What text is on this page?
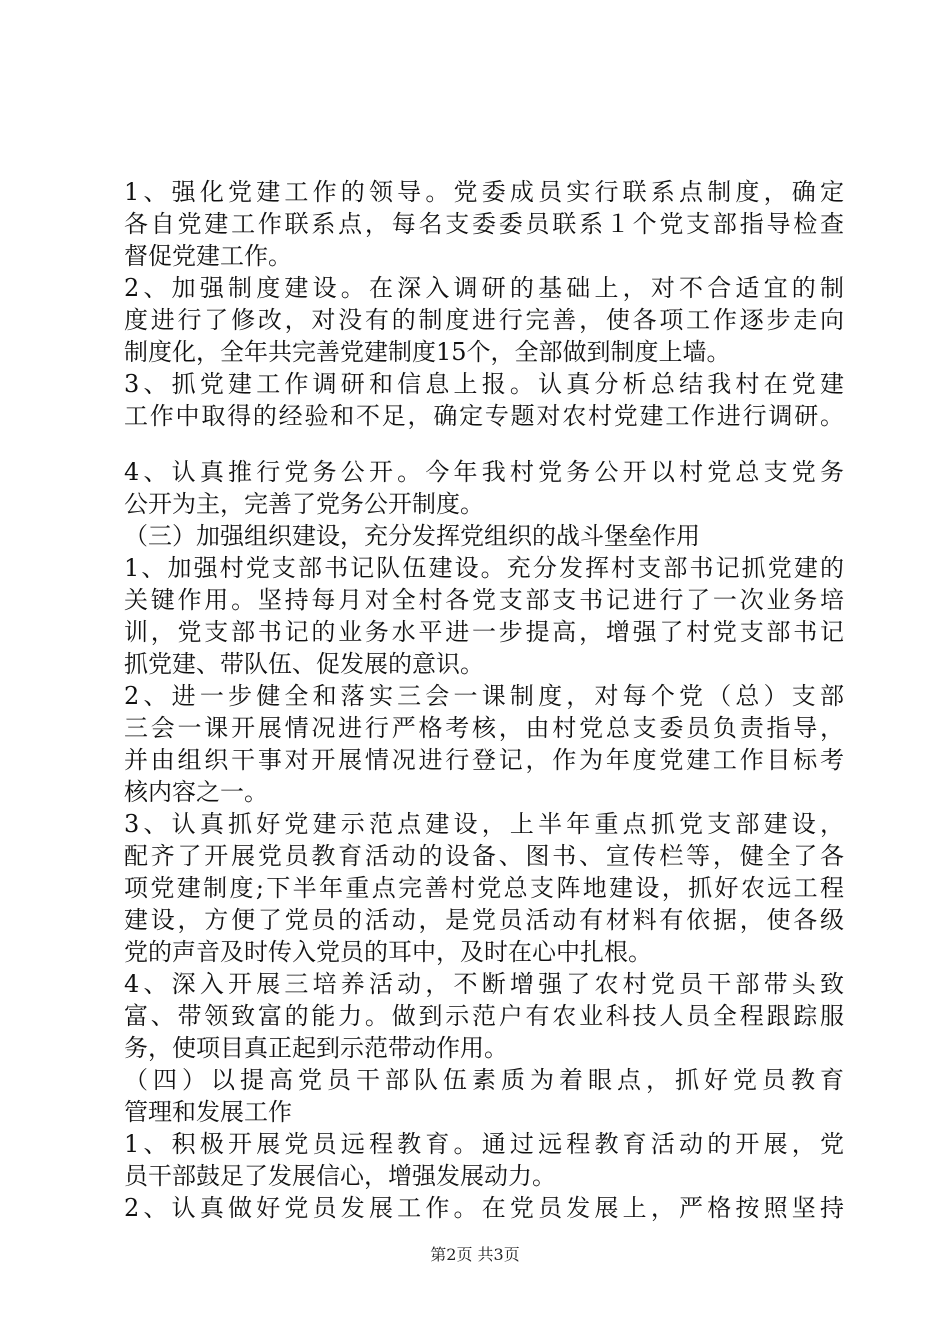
1、强化党建工作的领导。党委成员实行联系点制度，确定
各自党建工作联系点，每名支委委员联系１个党支部指导检查
督促党建工作。
2、加强制度建设。在深入调研的基础上，对不合适宜的制
度进行了修改，对没有的制度进行完善，使各项工作逐步走向
制度化，全年共完善党建制度15个，全部做到制度上墙。
3、抓党建工作调研和信息上报。认真分析总结我村在党建
工作中取得的经验和不足，确定专题对农村党建工作进行调研。
4、认真推行党务公开。今年我村党务公开以村党总支党务
公开为主，完善了党务公开制度。
（三）加强组织建设，充分发挥党组织的战斗堡垒作用
1、加强村党支部书记队伍建设。充分发挥村支部书记抓党建的
关键作用。坚持每月对全村各党支部支书记进行了一次业务培
训，党支部书记的业务水平进一步提高，增强了村党支部书记
抓党建、带队伍、促发展的意识。
2、进一步健全和落实三会一课制度，对每个党（总）支部
三会一课开展情况进行严格考核，由村党总支委员负责指导，
并由组织干事对开展情况进行登记，作为年度党建工作目标考
核内容之一。
3、认真抓好党建示范点建设，上半年重点抓党支部建设，
配齐了开展党员教育活动的设备、图书、宣传栏等，健全了各
项党建制度;下半年重点完善村党总支阵地建设，抓好农远工程
建设，方便了党员的活动，是党员活动有材料有依据，使各级
党的声音及时传入党员的耳中，及时在心中扎根。
4、深入开展三培养活动，不断增强了农村党员干部带头致
富、带领致富的能力。做到示范户有农业科技人员全程跟踪服
务，使项目真正起到示范带动作用。
（四）以提高党员干部队伍素质为着眼点，抓好党员教育
管理和发展工作
1、积极开展党员远程教育。通过远程教育活动的开展，党
员干部鼓足了发展信心，增强发展动力。
2、认真做好党员发展工作。在党员发展上，严格按照坚持
第2页 共3页
